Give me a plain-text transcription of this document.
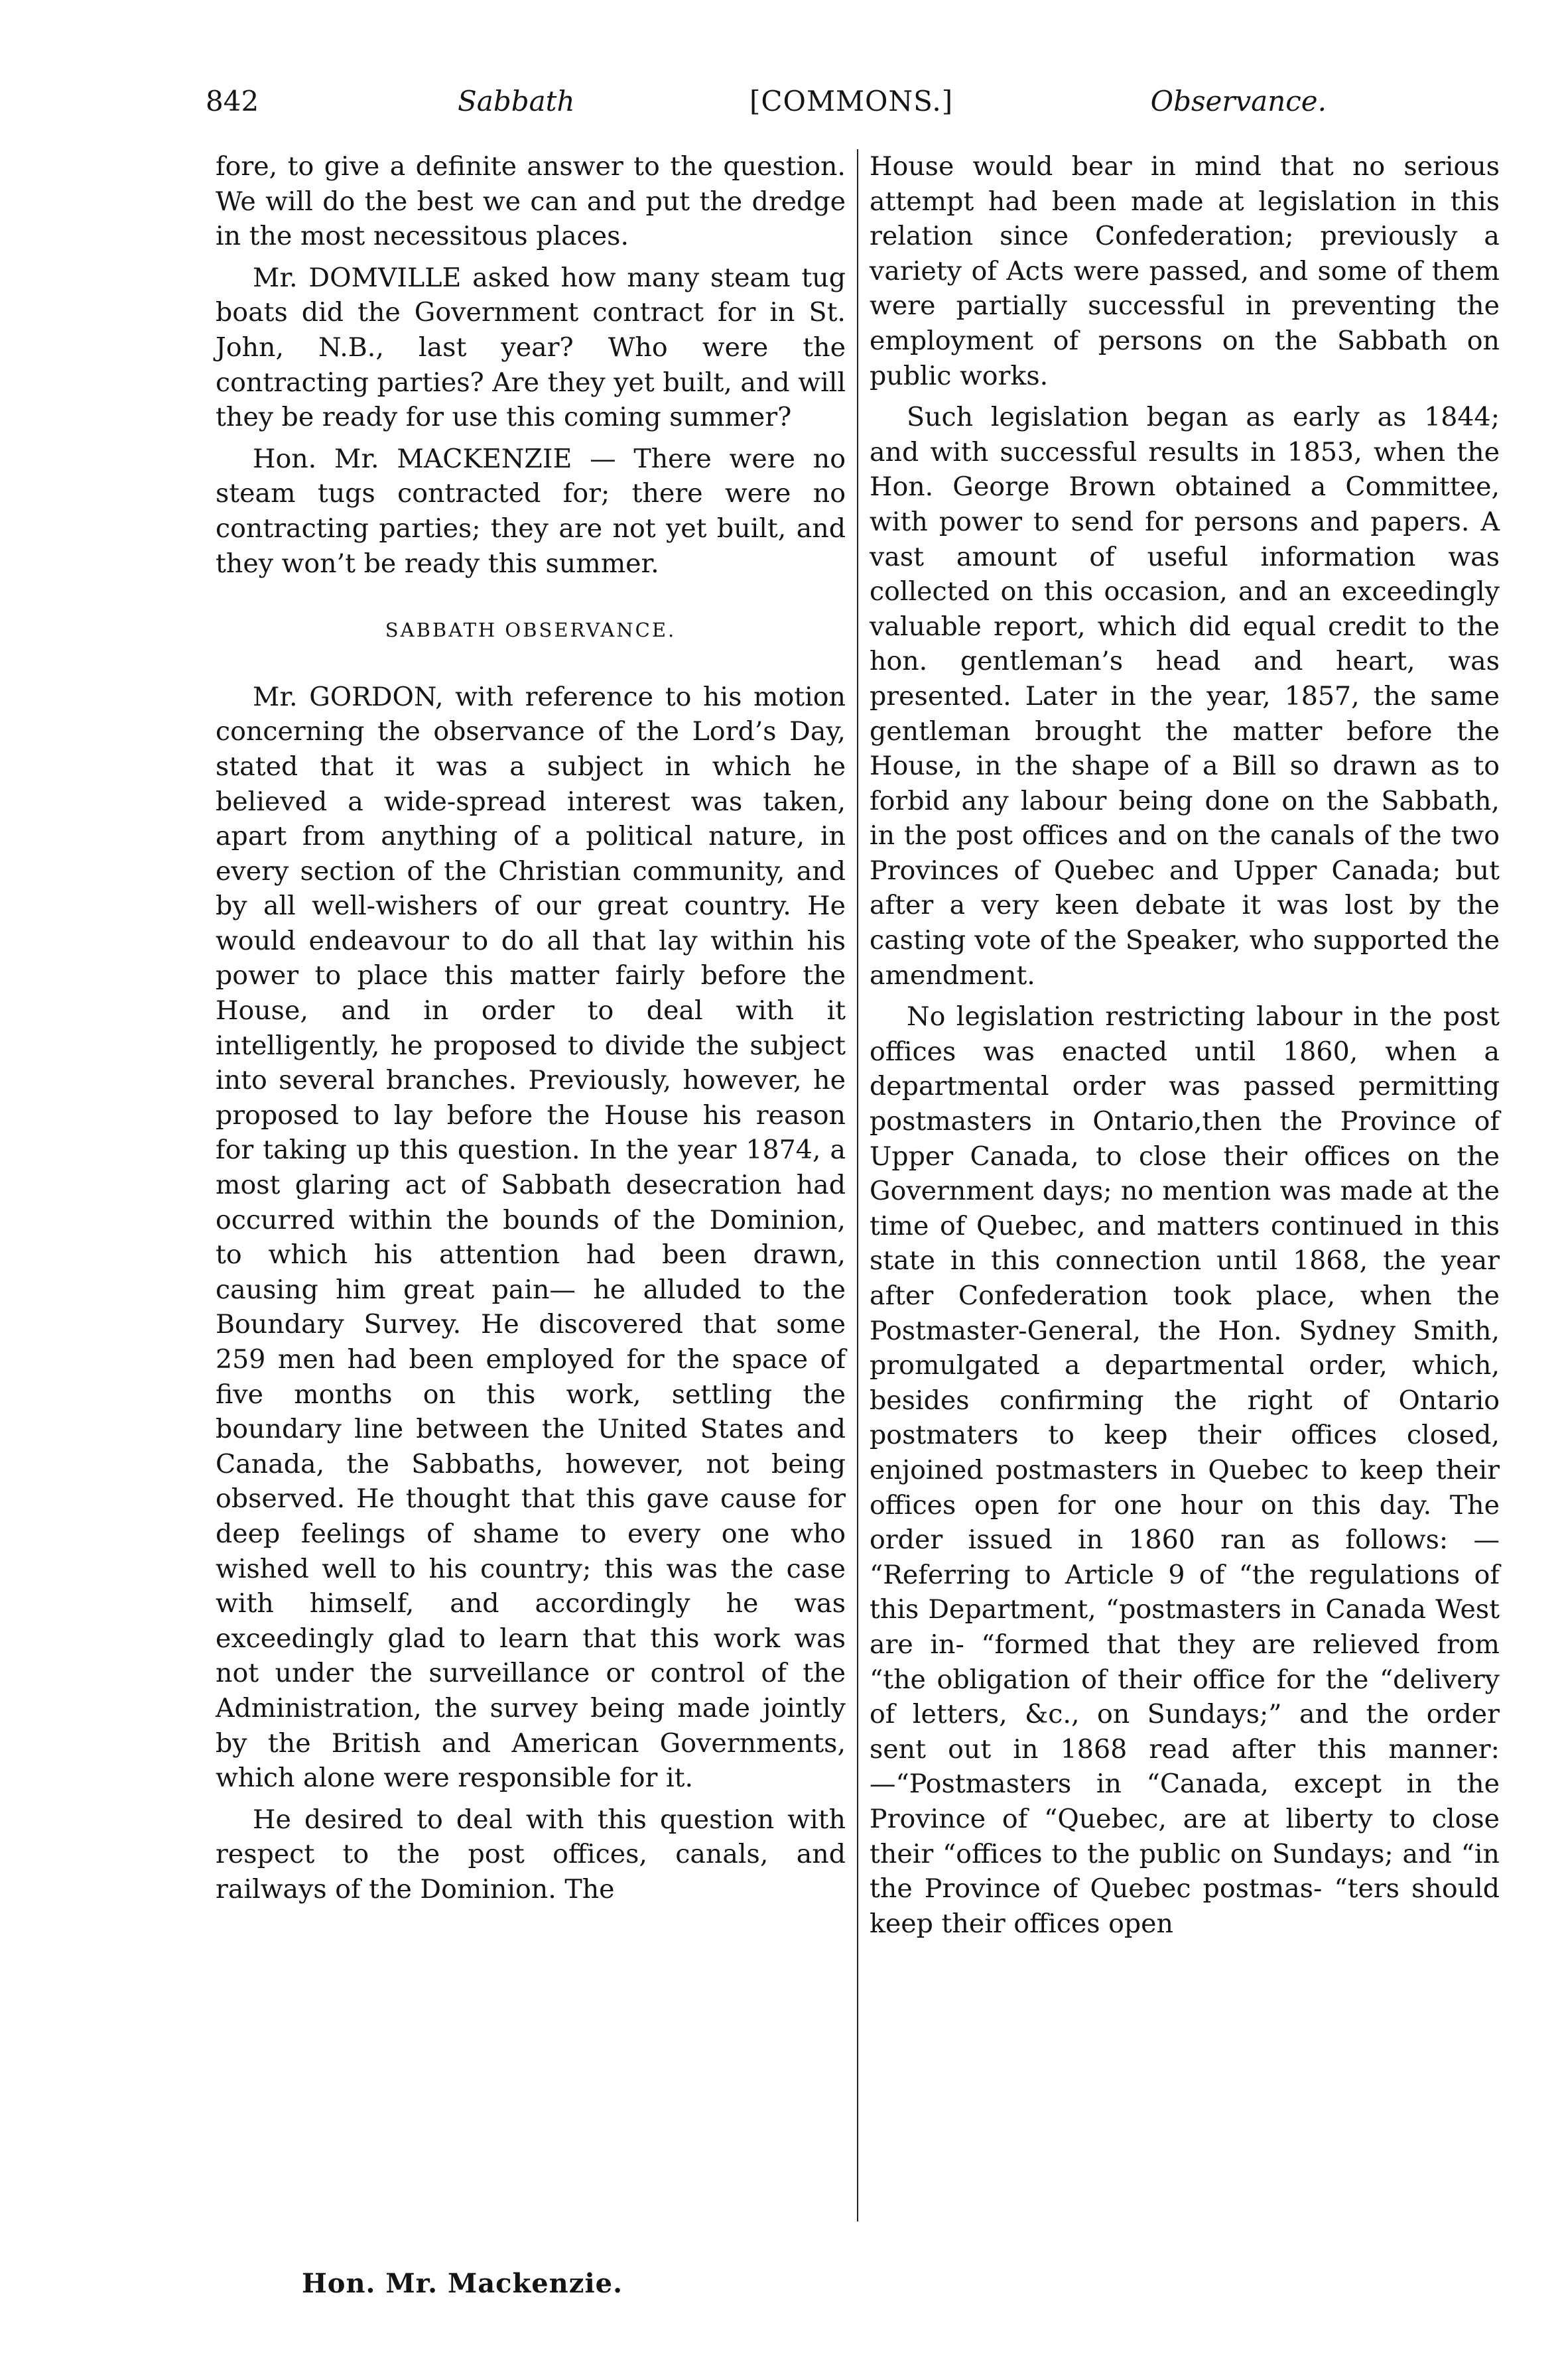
842	Sabbath	[COMMONS.]	Observance.

fore, to give a definite answer to the question. We will do the best we can and put the dredge in the most necessitous places.

Mr. DOMVILLE asked how many steam tug boats did the Government contract for in St. John, N.B., last year? Who were the contracting parties? Are they yet built, and will they be ready for use this coming summer?

Hon. Mr. MACKENZIE — There were no steam tugs contracted for; there were no contracting parties; they are not yet built, and they won’t be ready this summer.

SABBATH OBSERVANCE.

Mr. GORDON, with reference to his motion concerning the observance of the Lord’s Day, stated that it was a subject in which he believed a wide-spread interest was taken, apart from anything of a political nature, in every section of the Christian community, and by all well-wishers of our great country. He would endeavour to do all that lay within his power to place this matter fairly before the House, and in order to deal with it intelligently, he proposed to divide the subject into several branches. Previously, however, he proposed to lay before the House his reason for taking up this question. In the year 1874, a most glaring act of Sabbath desecration had occurred within the bounds of the Dominion, to which his attention had been drawn, causing him great pain— he alluded to the Boundary Survey. He discovered that some 259 men had been employed for the space of five months on this work, settling the boundary line between the United States and Canada, the Sabbaths, however, not being observed. He thought that this gave cause for deep feelings of shame to every one who wished well to his country; this was the case with himself, and accordingly he was exceedingly glad to learn that this work was not under the surveillance or control of the Administration, the survey being made jointly by the British and American Governments, which alone were responsible for it.

He desired to deal with this question with respect to the post offices, canals, and railways of the Dominion. The

House would bear in mind that no serious attempt had been made at legislation in this relation since Confederation; previously a variety of Acts were passed, and some of them were partially successful in preventing the employment of persons on the Sabbath on public works.

Such legislation began as early as 1844; and with successful results in 1853, when the Hon. George Brown obtained a Committee, with power to send for persons and papers. A vast amount of useful information was collected on this occasion, and an exceedingly valuable report, which did equal credit to the hon. gentleman’s head and heart, was presented. Later in the year, 1857, the same gentleman brought the matter before the House, in the shape of a Bill so drawn as to forbid any labour being done on the Sabbath, in the post offices and on the canals of the two Provinces of Quebec and Upper Canada; but after a very keen debate it was lost by the casting vote of the Speaker, who supported the amendment.

No legislation restricting labour in the post offices was enacted until 1860, when a departmental order was passed permitting postmasters in Ontario,then the Province of Upper Canada, to close their offices on the Government days; no mention was made at the time of Quebec, and matters continued in this state in this connection until 1868, the year after Confederation took place, when the Postmaster-General, the Hon. Sydney Smith, promulgated a departmental order, which, besides confirming the right of Ontario postmaters to keep their offices closed, enjoined postmasters in Quebec to keep their offices open for one hour on this day. The order issued in 1860 ran as follows: — “Referring to Article 9 of “the regulations of this Department, “postmasters in Canada West are in- “formed that they are relieved from “the obligation of their office for the “delivery of letters, &c., on Sundays;” and the order sent out in 1868 read after this manner:—“Postmasters in “Canada, except in the Province of “Quebec, are at liberty to close their “offices to the public on Sundays; and “in the Province of Quebec postmas- “ters should keep their offices open

Hon. Mr. Mackenzie.
